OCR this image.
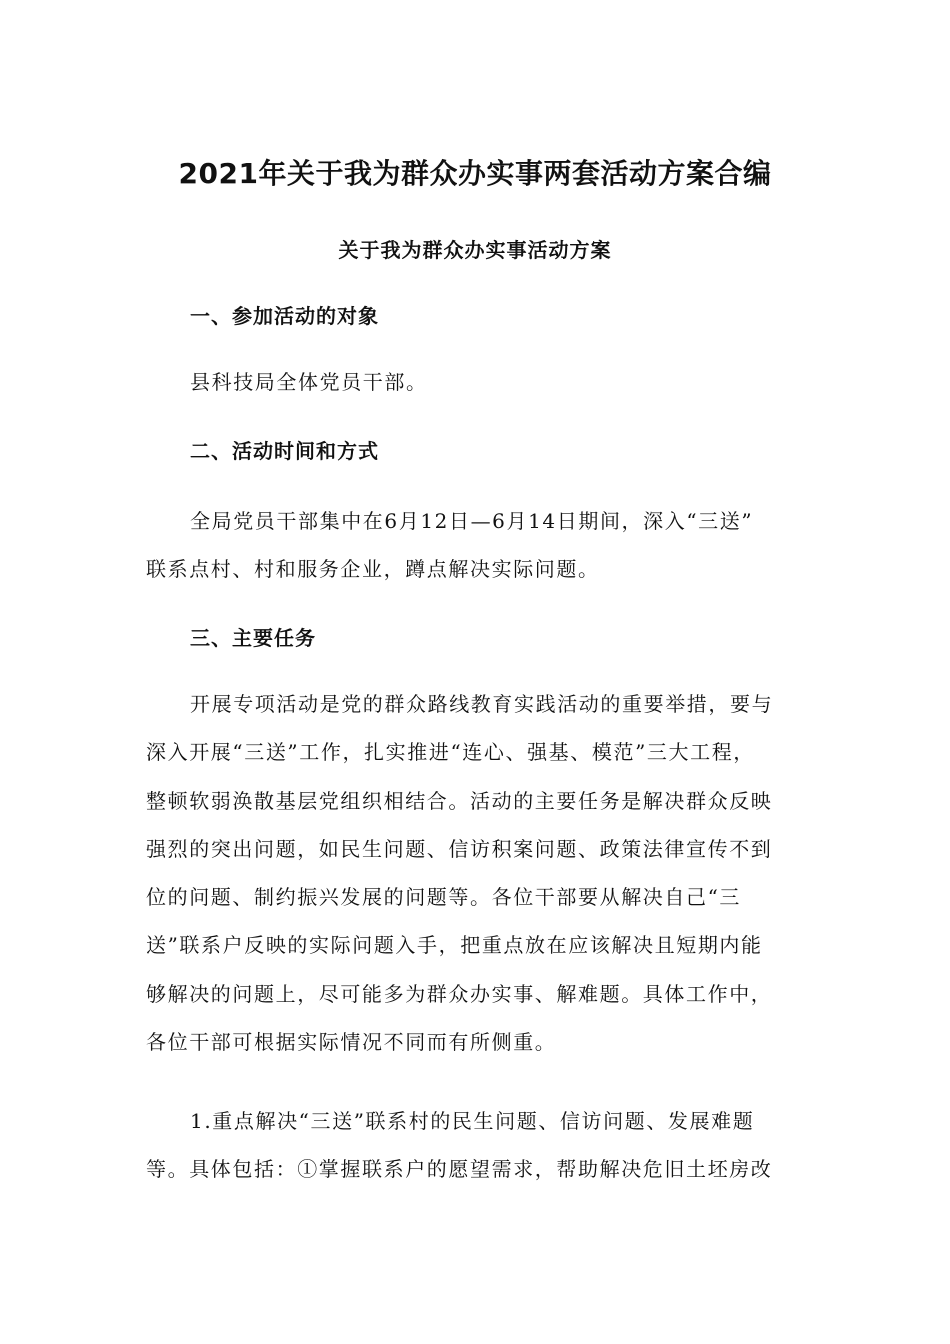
2021年关于我为群众办实事两套活动方案合编
关于我为群众办实事活动方案
一、参加活动的对象
县科技局全体党员干部。
二、活动时间和方式
全局党员干部集中在6月12日—6月14日期间，深入“三送”
联系点村、村和服务企业，蹲点解决实际问题。
三、主要任务
开展专项活动是党的群众路线教育实践活动的重要举措，要与
深入开展“三送”工作，扎实推进“连心、强基、模范”三大工程，
整顿软弱涣散基层党组织相结合。活动的主要任务是解决群众反映
强烈的突出问题，如民生问题、信访积案问题、政策法律宣传不到
位的问题、制约振兴发展的问题等。各位干部要从解决自己“三
送”联系户反映的实际问题入手，把重点放在应该解决且短期内能
够解决的问题上，尽可能多为群众办实事、解难题。具体工作中，
各位干部可根据实际情况不同而有所侧重。
1.重点解决“三送”联系村的民生问题、信访问题、发展难题
等。具体包括：①掌握联系户的愿望需求，帮助解决危旧土坯房改
